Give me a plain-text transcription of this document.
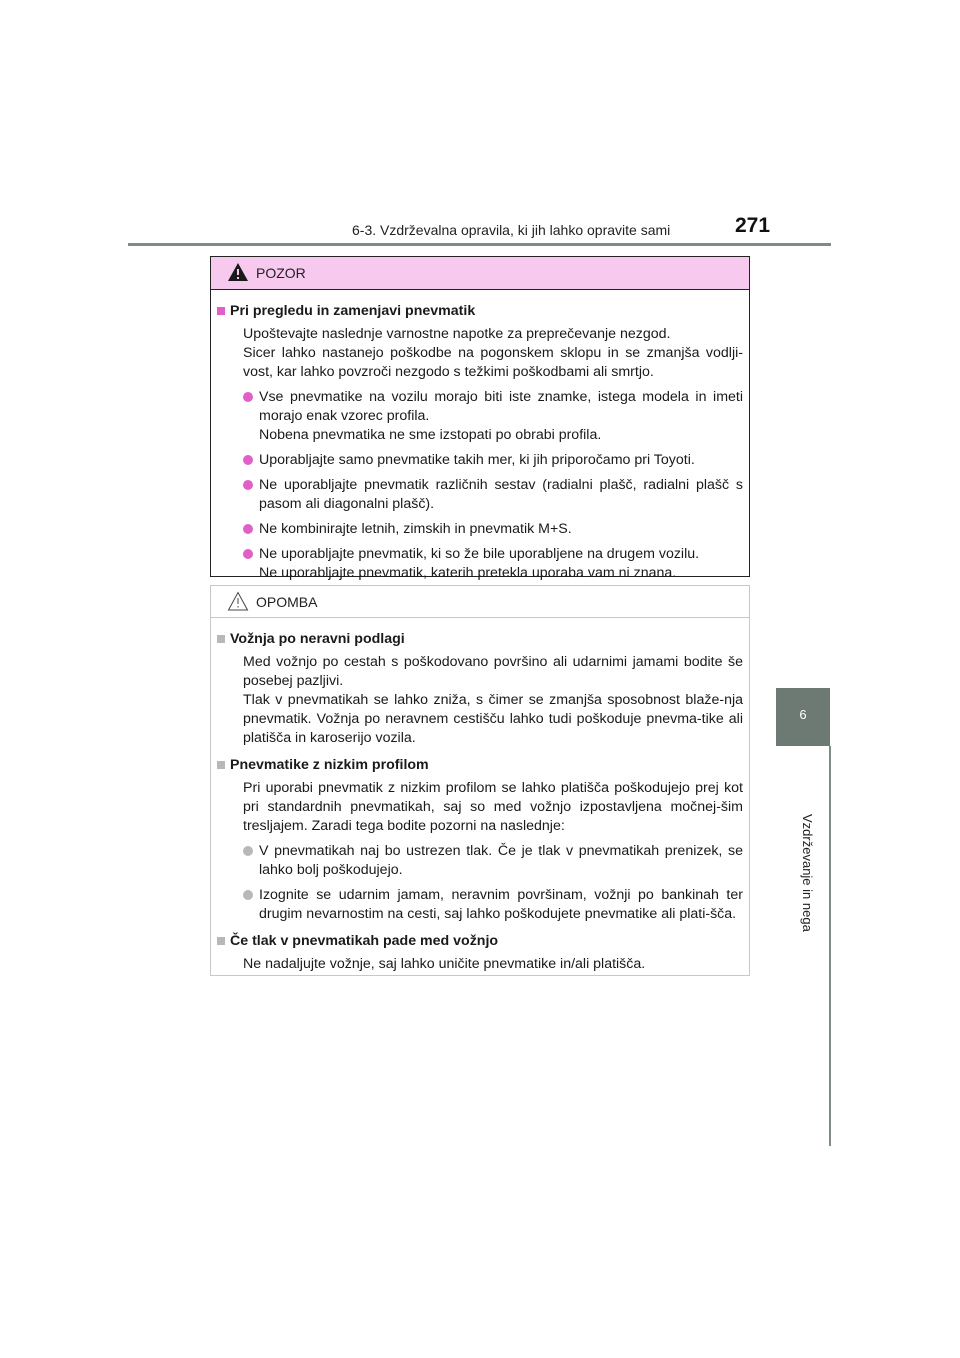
6-3. Vzdrževalna opravila, ki jih lahko opravite sami	271
6
Vzdrževanje in nega
POZOR
Pri pregledu in zamenjavi pnevmatik

Upoštevajte naslednje varnostne napotke za preprečevanje nezgod.

Sicer lahko nastanejo poškodbe na pogonskem sklopu in se zmanjša vodlji-vost, kar lahko povzroči nezgodo s težkimi poškodbami ali smrtjo.

Vse pnevmatike na vozilu morajo biti iste znamke, istega modela in imeti morajo enak vzorec profila.

Nobena pnevmatika ne sme izstopati po obrabi profila.

Uporabljajte samo pnevmatike takih mer, ki jih priporočamo pri Toyoti.

Ne uporabljajte pnevmatik različnih sestav (radialni plašč, radialni plašč s pasom ali diagonalni plašč).

Ne kombinirajte letnih, zimskih in pnevmatik M+S.

Ne uporabljajte pnevmatik, ki so že bile uporabljene na drugem vozilu.

Ne uporabljajte pnevmatik, katerih pretekla uporaba vam ni znana.

OPOMBA
Vožnja po neravni podlagi

Med vožnjo po cestah s poškodovano površino ali udarnimi jamami bodite še posebej pazljivi.

Tlak v pnevmatikah se lahko zniža, s čimer se zmanjša sposobnost blaže-nja pnevmatik. Vožnja po neravnem cestišču lahko tudi poškoduje pnevma-tike ali platišča in karoserijo vozila.

Pnevmatike z nizkim profilom

Pri uporabi pnevmatik z nizkim profilom se lahko platišča poškodujejo prej kot pri standardnih pnevmatikah, saj so med vožnjo izpostavljena močnej-šim tresljajem. Zaradi tega bodite pozorni na naslednje:

V pnevmatikah naj bo ustrezen tlak. Če je tlak v pnevmatikah prenizek, se lahko bolj poškodujejo.

Izognite se udarnim jamam, neravnim površinam, vožnji po bankinah ter drugim nevarnostim na cesti, saj lahko poškodujete pnevmatike ali plati-šča.

Če tlak v pnevmatikah pade med vožnjo

Ne nadaljujte vožnje, saj lahko uničite pnevmatike in/ali platišča.
